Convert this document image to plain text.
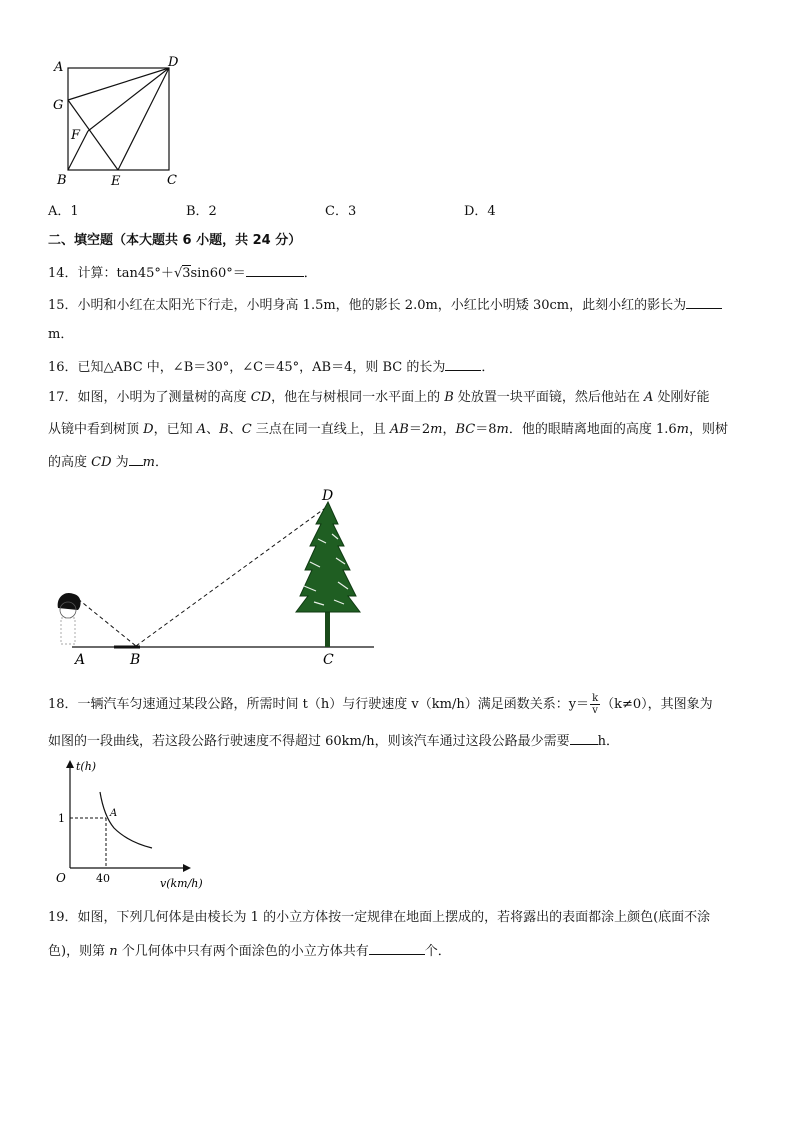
A	D
G
F
B	E	C
A．1	B．2	C．3	D．4
二、填空题（本大题共 6 小题，共 24 分）
14．计算：tan45°＋√3sin60°＝	．
15．小明和小红在太阳光下行走，小明身高 1.5m，他的影长 2.0m，小红比小明矮 30cm，此刻小红的影长为
m．
16．已知△ABC 中，∠B＝30°，∠C＝45°，AB＝4，则 BC 的长为	．
17．如图，小明为了测量树的高度 CD，他在与树根同一水平面上的 B 处放置一块平面镜，然后他站在 A 处刚好能
从镜中看到树顶 D，已知 A、B、C 三点在同一直线上，且 AB＝2m，BC＝8m．他的眼睛离地面的高度 1.6m，则树
的高度 CD 为 m．
D
A	B	C
18．一辆汽车匀速通过某段公路，所需时间 t（h）与行驶速度 v（km/h）满足函数关系：$y= \frac{k}{v} (k\ne 0)$，其图象为
如图的一段曲线，若这段公路行驶速度不得超过 60km/h，则该汽车通过这段公路最少需要 h．
t(h)
v(km/h)
O
1
40
A
19．如图，下列几何体是由棱长为 1 的小立方体按一定规律在地面上摆成的，若将露出的表面都涂上颜色(底面不涂
色)，则第 n 个几何体中只有两个面涂色的小立方体共有	个．
